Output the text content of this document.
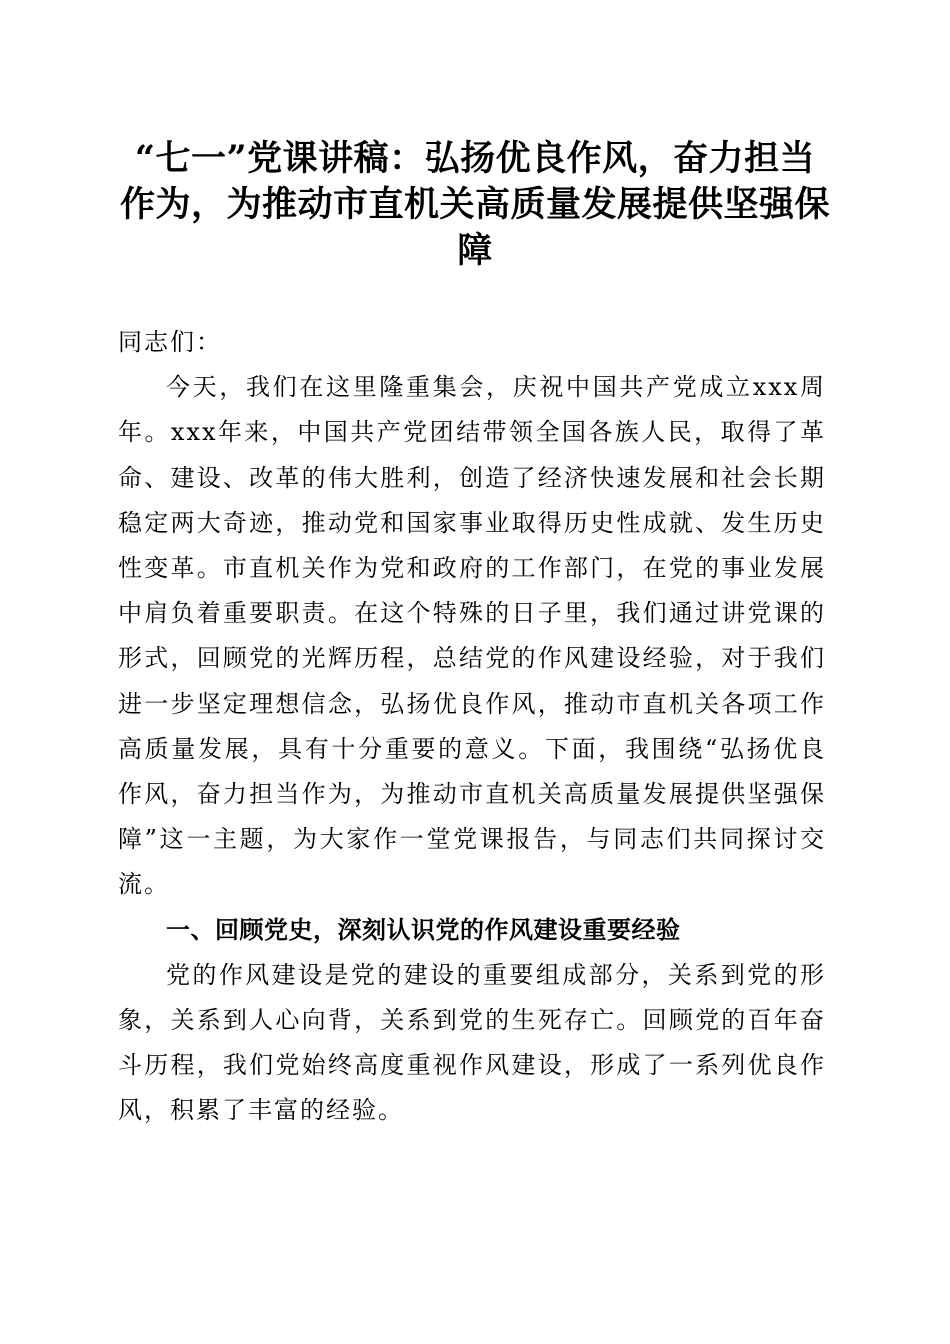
“七一”党课讲稿：弘扬优良作风，奋力担当作为，为推动市直机关高质量发展提供坚强保障

同志们：

今天，我们在这里隆重集会，庆祝中国共产党成立xxx周年。xxx年来，中国共产党团结带领全国各族人民，取得了革命、建设、改革的伟大胜利，创造了经济快速发展和社会长期稳定两大奇迹，推动党和国家事业取得历史性成就、发生历史性变革。市直机关作为党和政府的工作部门，在党的事业发展中肩负着重要职责。在这个特殊的日子里，我们通过讲党课的形式，回顾党的光辉历程，总结党的作风建设经验，对于我们进一步坚定理想信念，弘扬优良作风，推动市直机关各项工作高质量发展，具有十分重要的意义。下面，我围绕“弘扬优良作风，奋力担当作为，为推动市直机关高质量发展提供坚强保障”这一主题，为大家作一堂党课报告，与同志们共同探讨交流。

一、回顾党史，深刻认识党的作风建设重要经验

党的作风建设是党的建设的重要组成部分，关系到党的形象，关系到人心向背，关系到党的生死存亡。回顾党的百年奋斗历程，我们党始终高度重视作风建设，形成了一系列优良作风，积累了丰富的经验。
